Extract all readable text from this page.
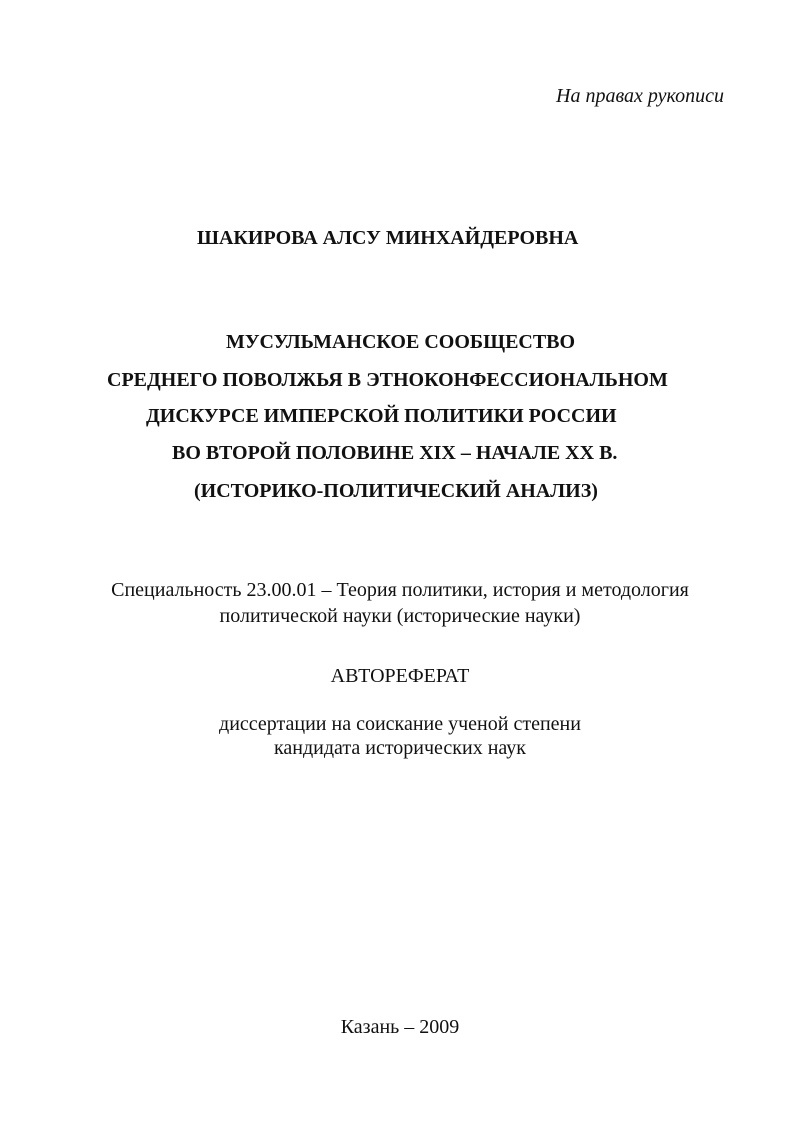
На правах рукописи
ШАКИРОВА АЛСУ МИНХАЙДЕРОВНА
МУСУЛЬМАНСКОЕ СООБЩЕСТВО
СРЕДНЕГО ПОВОЛЖЬЯ В ЭТНОКОНФЕССИОНАЛЬНОМ
ДИСКУРСЕ ИМПЕРСКОЙ ПОЛИТИКИ РОССИИ
ВО ВТОРОЙ ПОЛОВИНЕ XIX – НАЧАЛЕ XX В.
(ИСТОРИКО-ПОЛИТИЧЕСКИЙ АНАЛИЗ)
Специальность 23.00.01 – Теория политики, история и методология
политической науки (исторические науки)
АВТОРЕФЕРАТ
диссертации на соискание ученой степени
кандидата исторических наук
Казань – 2009
